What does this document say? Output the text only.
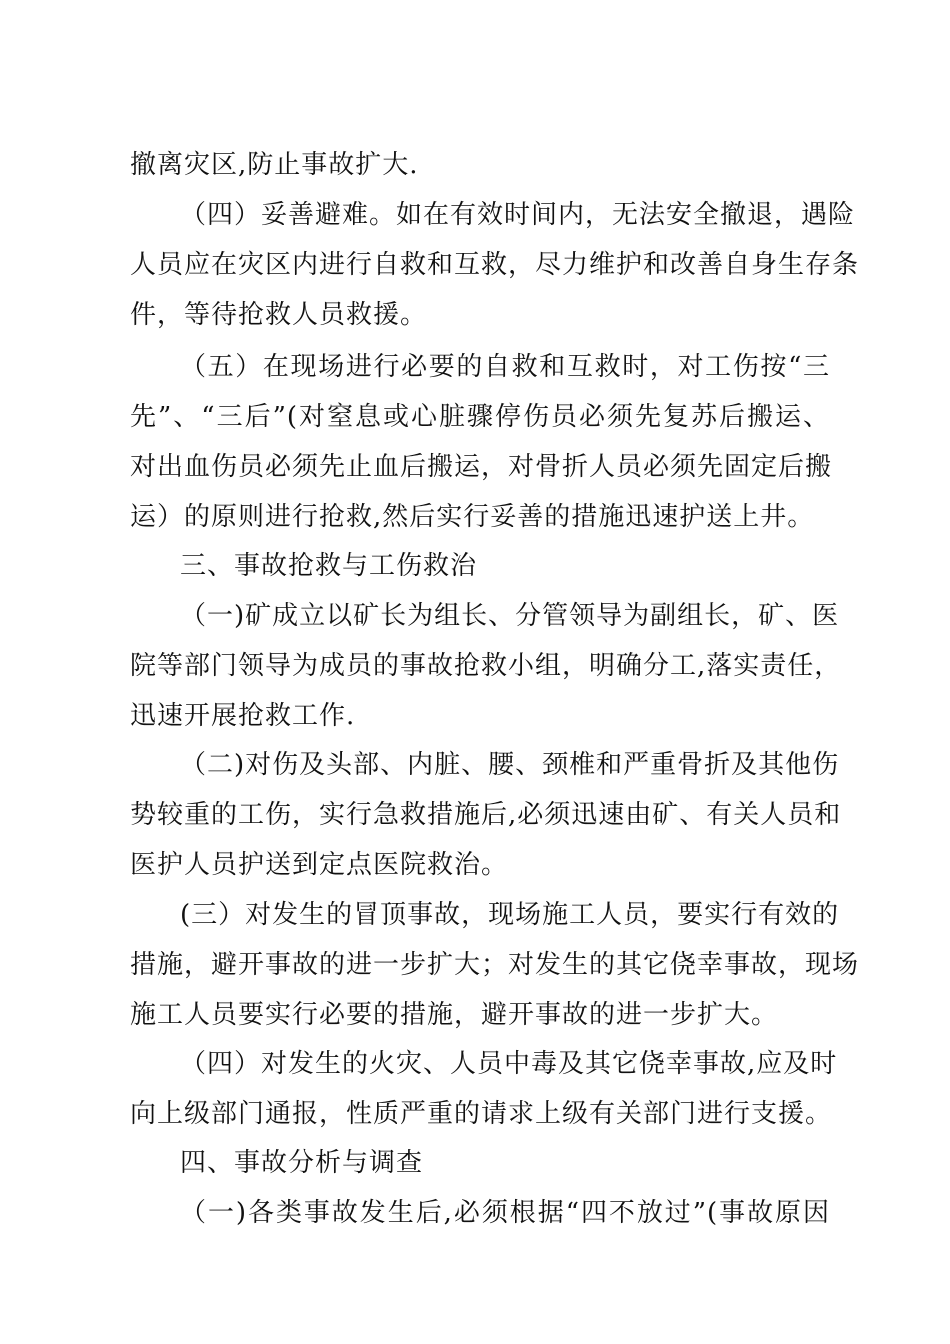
撤离灾区,防止事故扩大.
（四）妥善避难。如在有效时间内，无法安全撤退，遇险
人员应在灾区内进行自救和互救，尽力维护和改善自身生存条
件，等待抢救人员救援。
（五）在现场进行必要的自救和互救时，对工伤按“三
先”、“三后”(对窒息或心脏骤停伤员必须先复苏后搬运、
对出血伤员必须先止血后搬运，对骨折人员必须先固定后搬
运）的原则进行抢救,然后实行妥善的措施迅速护送上井。
三、事故抢救与工伤救治
（一)矿成立以矿长为组长、分管领导为副组长，矿、医
院等部门领导为成员的事故抢救小组，明确分工,落实责任，
迅速开展抢救工作.
（二)对伤及头部、内脏、腰、颈椎和严重骨折及其他伤
势较重的工伤，实行急救措施后,必须迅速由矿、有关人员和
医护人员护送到定点医院救治。
(三）对发生的冒顶事故，现场施工人员，要实行有效的
措施，避开事故的进一步扩大；对发生的其它侥幸事故，现场
施工人员要实行必要的措施，避开事故的进一步扩大。
（四）对发生的火灾、人员中毒及其它侥幸事故,应及时
向上级部门通报，性质严重的请求上级有关部门进行支援。
四、事故分析与调查
（一)各类事故发生后,必须根据“四不放过”(事故原因
